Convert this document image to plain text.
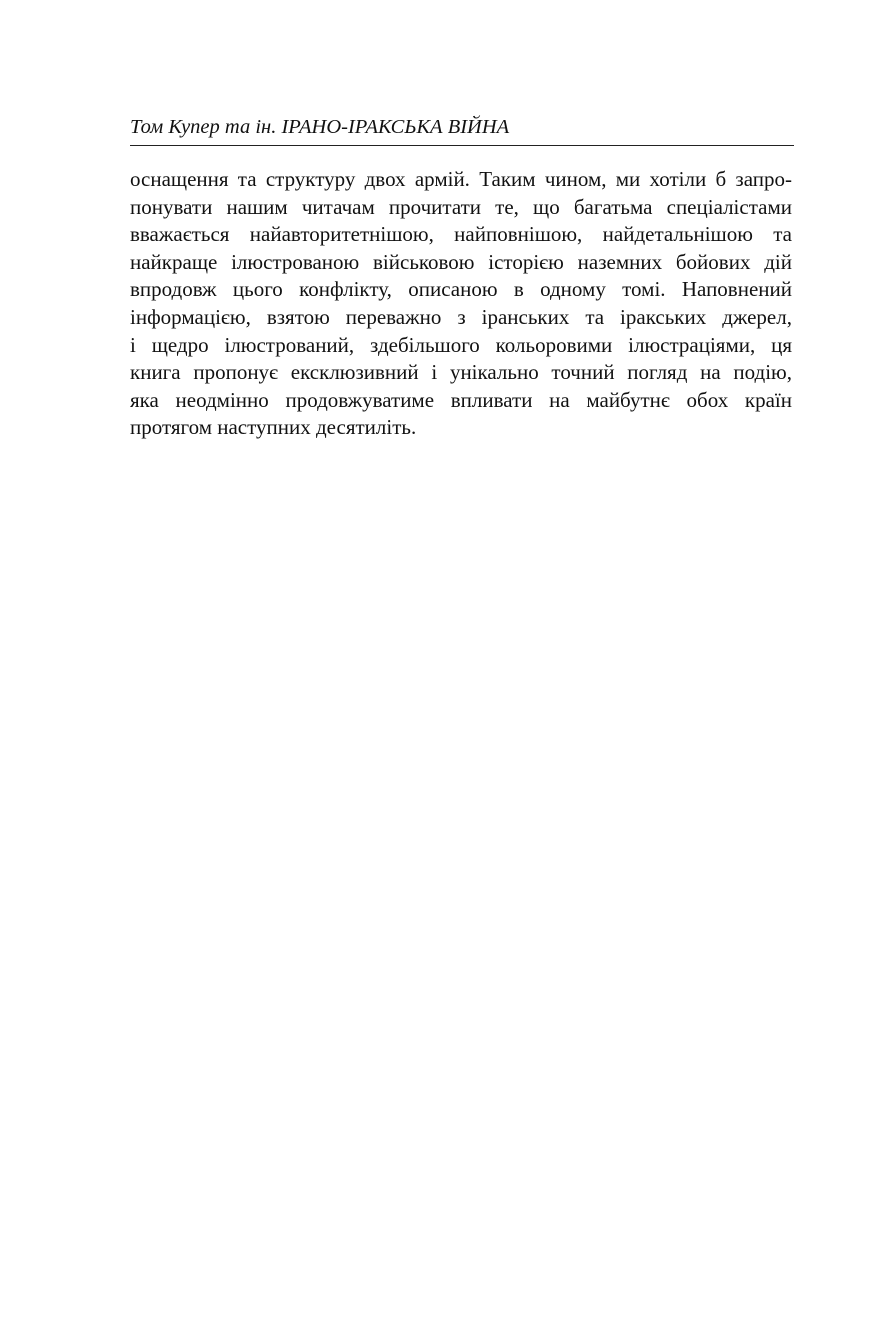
Том Купер та ін. ІРАНО-ІРАКСЬКА ВІЙНА
оснащення та структуру двох армій. Таким чином, ми хотіли б запро-
понувати нашим читачам прочитати те, що багатьма спеціалістами
вважається найавторитетнішою, найповнішою, найдетальнішою та
найкраще ілюстрованою військовою історією наземних бойових дій
впродовж цього конфлікту, описаною в одному томі. Наповнений
інформацією, взятою переважно з іранських та іракських джерел,
і щедро ілюстрований, здебільшого кольоровими ілюстраціями, ця
книга пропонує ексклюзивний і унікально точний погляд на подію,
яка неодмінно продовжуватиме впливати на майбутнє обох країн
протягом наступних десятиліть.
